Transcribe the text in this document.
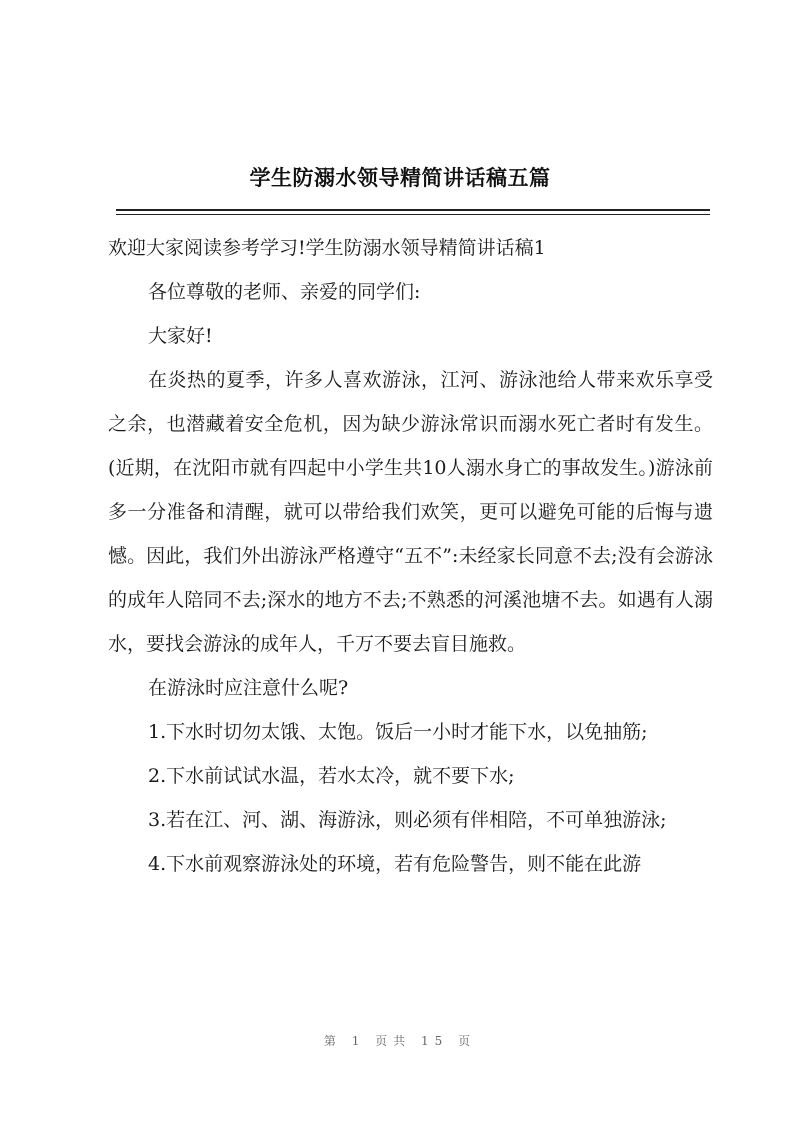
学生防溺水领导精简讲话稿五篇

欢迎大家阅读参考学习!学生防溺水领导精简讲话稿1

各位尊敬的老师、亲爱的同学们:

大家好!

在炎热的夏季，许多人喜欢游泳，江河、游泳池给人带来欢乐享受之余，也潜藏着安全危机，因为缺少游泳常识而溺水死亡者时有发生。(近期，在沈阳市就有四起中小学生共10人溺水身亡的事故发生。)游泳前多一分准备和清醒，就可以带给我们欢笑，更可以避免可能的后悔与遗憾。因此，我们外出游泳严格遵守“五不”:未经家长同意不去;没有会游泳的成年人陪同不去;深水的地方不去;不熟悉的河溪池塘不去。如遇有人溺水，要找会游泳的成年人，千万不要去盲目施救。

在游泳时应注意什么呢?

1.下水时切勿太饿、太饱。饭后一小时才能下水，以免抽筋;

2.下水前试试水温，若水太冷，就不要下水;

3.若在江、河、湖、海游泳，则必须有伴相陪，不可单独游泳;

4.下水前观察游泳处的环境，若有危险警告，则不能在此游

第 1 页共 15 页
